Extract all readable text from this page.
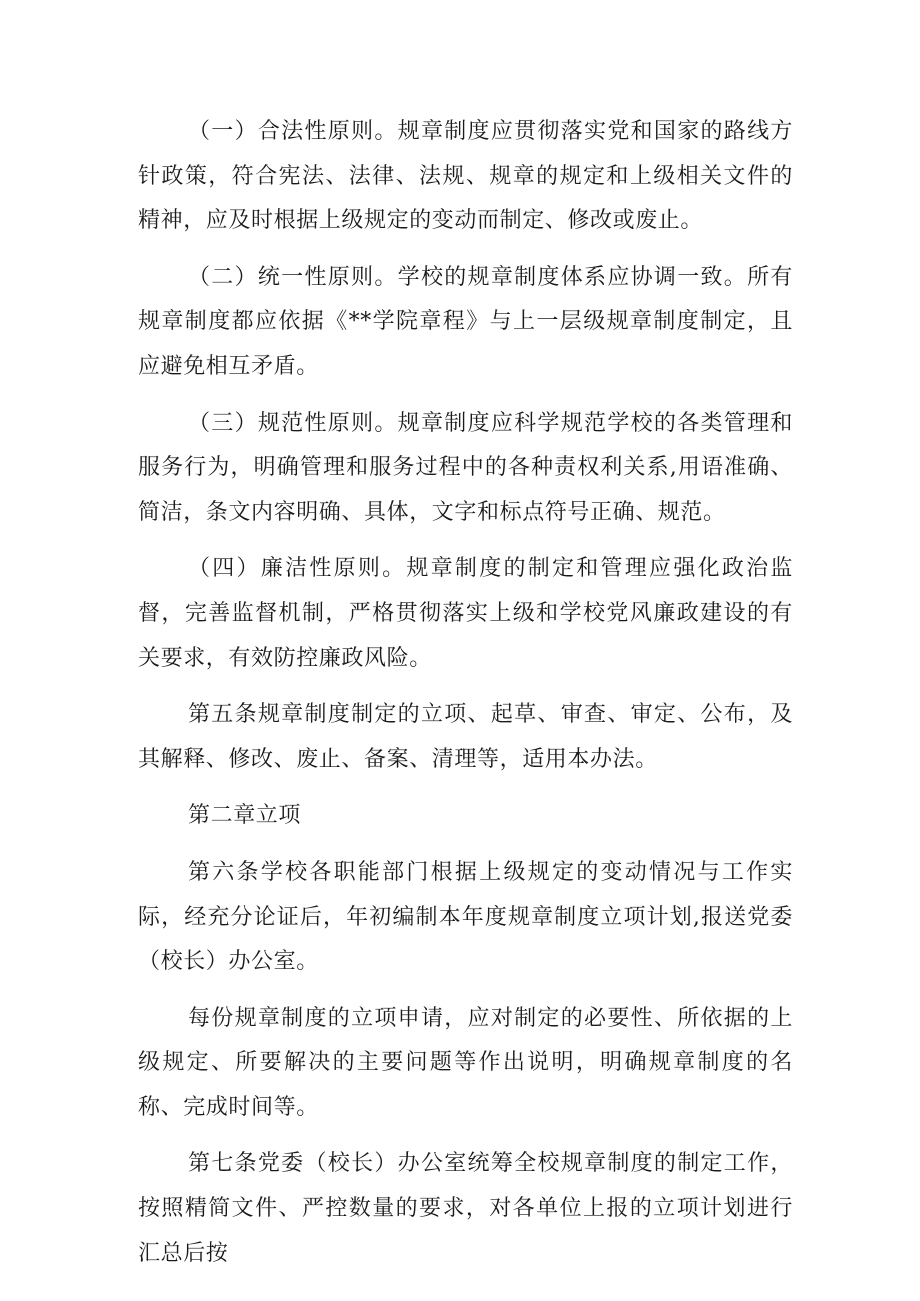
（一）合法性原则。规章制度应贯彻落实党和国家的路线方针政策，符合宪法、法律、法规、规章的规定和上级相关文件的精神，应及时根据上级规定的变动而制定、修改或废止。

（二）统一性原则。学校的规章制度体系应协调一致。所有规章制度都应依据《**学院章程》与上一层级规章制度制定，且应避免相互矛盾。

（三）规范性原则。规章制度应科学规范学校的各类管理和服务行为，明确管理和服务过程中的各种责权利关系,用语准确、简洁，条文内容明确、具体，文字和标点符号正确、规范。

（四）廉洁性原则。规章制度的制定和管理应强化政治监督，完善监督机制，严格贯彻落实上级和学校党风廉政建设的有关要求，有效防控廉政风险。

第五条规章制度制定的立项、起草、审查、审定、公布，及其解释、修改、废止、备案、清理等，适用本办法。

第二章立项

第六条学校各职能部门根据上级规定的变动情况与工作实际，经充分论证后，年初编制本年度规章制度立项计划,报送党委（校长）办公室。

每份规章制度的立项申请，应对制定的必要性、所依据的上级规定、所要解决的主要问题等作出说明，明确规章制度的名称、完成时间等。

第七条党委（校长）办公室统筹全校规章制度的制定工作，按照精简文件、严控数量的要求，对各单位上报的立项计划进行汇总后按
